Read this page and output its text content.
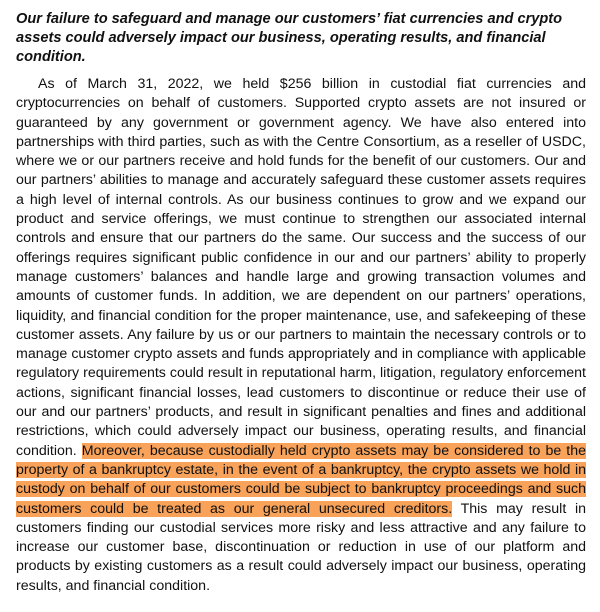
Our failure to safeguard and manage our customers’ fiat currencies and crypto assets could adversely impact our business, operating results, and financial condition.

As of March 31, 2022, we held $256 billion in custodial fiat currencies and cryptocurrencies on behalf of customers. Supported crypto assets are not insured or guaranteed by any government or government agency. We have also entered into partnerships with third parties, such as with the Centre Consortium, as a reseller of USDC, where we or our partners receive and hold funds for the benefit of our customers. Our and our partners’ abilities to manage and accurately safeguard these customer assets requires a high level of internal controls. As our business continues to grow and we expand our product and service offerings, we must continue to strengthen our associated internal controls and ensure that our partners do the same. Our success and the success of our offerings requires significant public confidence in our and our partners’ ability to properly manage customers’ balances and handle large and growing transaction volumes and amounts of customer funds. In addition, we are dependent on our partners’ operations, liquidity, and financial condition for the proper maintenance, use, and safekeeping of these customer assets. Any failure by us or our partners to maintain the necessary controls or to manage customer crypto assets and funds appropriately and in compliance with applicable regulatory requirements could result in reputational harm, litigation, regulatory enforcement actions, significant financial losses, lead customers to discontinue or reduce their use of our and our partners’ products, and result in significant penalties and fines and additional restrictions, which could adversely impact our business, operating results, and financial condition. Moreover, because custodially held crypto assets may be considered to be the property of a bankruptcy estate, in the event of a bankruptcy, the crypto assets we hold in custody on behalf of our customers could be subject to bankruptcy proceedings and such customers could be treated as our general unsecured creditors. This may result in customers finding our custodial services more risky and less attractive and any failure to increase our customer base, discontinuation or reduction in use of our platform and products by existing customers as a result could adversely impact our business, operating results, and financial condition.
